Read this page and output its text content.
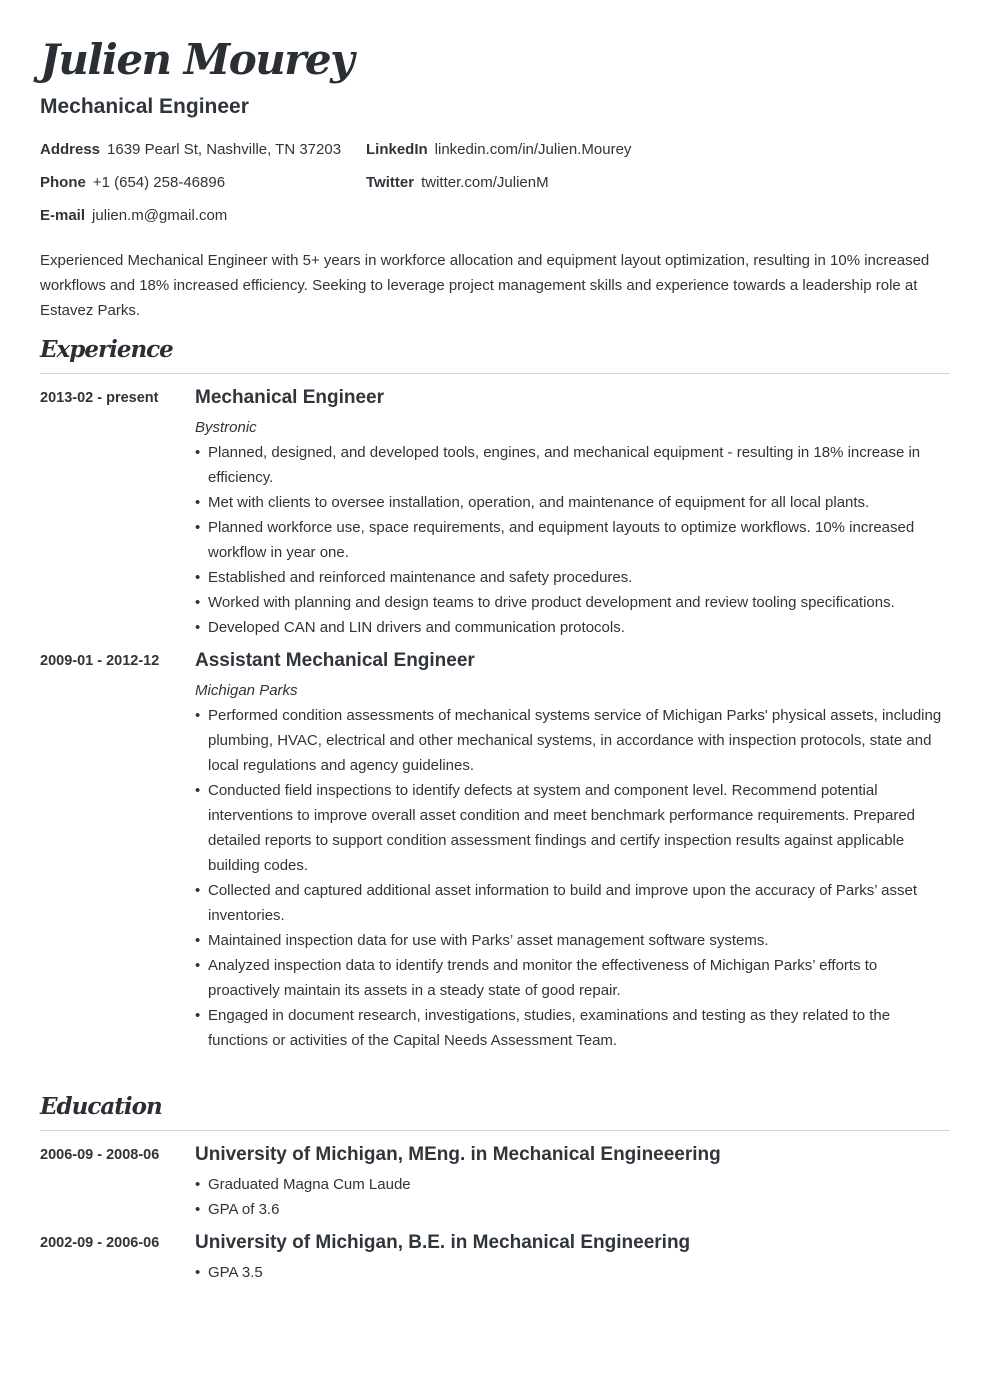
Julien Mourey
Mechanical Engineer
Address 1639 Pearl St, Nashville, TN 37203 LinkedIn linkedin.com/in/Julien.Mourey
Phone +1 (654) 258-46896	Twitter twitter.com/JulienM
E-mail julien.m@gmail.com
Experienced Mechanical Engineer with 5+ years in workforce allocation and equipment layout optimization, resulting in 10% increased workflows and 18% increased efficiency. Seeking to leverage project management skills and experience towards a leadership role at Estavez Parks.
Experience
2013-02 - present Mechanical Engineer
Bystronic
• Planned, designed, and developed tools, engines, and mechanical equipment - resulting in 18% increase in efficiency.
• Met with clients to oversee installation, operation, and maintenance of equipment for all local plants.
• Planned workforce use, space requirements, and equipment layouts to optimize workflows. 10% increased workflow in year one.
• Established and reinforced maintenance and safety procedures.
• Worked with planning and design teams to drive product development and review tooling specifications.
• Developed CAN and LIN drivers and communication protocols.
2009-01 - 2012-12 Assistant Mechanical Engineer
Michigan Parks
• Performed condition assessments of mechanical systems service of Michigan Parks' physical assets, including plumbing, HVAC, electrical and other mechanical systems, in accordance with inspection protocols, state and local regulations and agency guidelines.
• Conducted field inspections to identify defects at system and component level. Recommend potential interventions to improve overall asset condition and meet benchmark performance requirements. Prepared detailed reports to support condition assessment findings and certify inspection results against applicable building codes.
• Collected and captured additional asset information to build and improve upon the accuracy of Parks’ asset inventories.
• Maintained inspection data for use with Parks’ asset management software systems.
• Analyzed inspection data to identify trends and monitor the effectiveness of Michigan Parks’ efforts to proactively maintain its assets in a steady state of good repair.
• Engaged in document research, investigations, studies, examinations and testing as they related to the functions or activities of the Capital Needs Assessment Team.
Education
2006-09 - 2008-06 University of Michigan, MEng. in Mechanical Engineeering
• Graduated Magna Cum Laude
• GPA of 3.6
2002-09 - 2006-06 University of Michigan, B.E. in Mechanical Engineering
• GPA 3.5
